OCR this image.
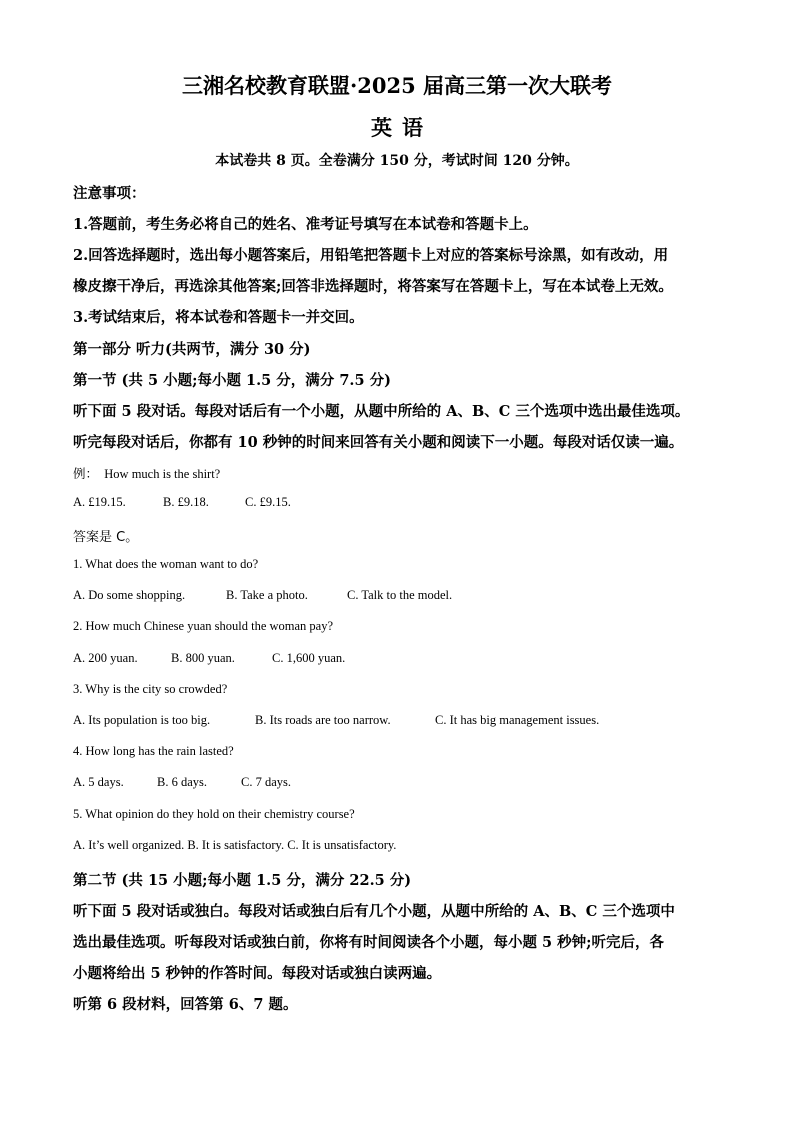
三湘名校教育联盟·2025 届高三第一次大联考

英语

本试卷共 8 页。全卷满分 150 分，考试时间 120 分钟。

注意事项：

1.答题前，考生务必将自己的姓名、准考证号填写在本试卷和答题卡上。

2.回答选择题时，选出每小题答案后，用铅笔把答题卡上对应的答案标号涂黑，如有改动，用

橡皮擦干净后，再选涂其他答案;回答非选择题时，将答案写在答题卡上，写在本试卷上无效。

3.考试结束后，将本试卷和答题卡一并交回。

第一部分 听力(共两节，满分 30 分)

第一节 (共 5 小题;每小题 1.5 分，满分 7.5 分)

听下面 5 段对话。每段对话后有一个小题，从题中所给的 A、B、C 三个选项中选出最佳选项。

听完每段对话后，你都有 10 秒钟的时间来回答有关小题和阅读下一小题。每段对话仅读一遍。

例： How much is the shirt?

A. £19.15.	B. £9.18.	C. £9.15.

答案是 C。

1. What does the woman want to do?

A. Do some shopping.	B. Take a photo.	C. Talk to the model.

2. How much Chinese yuan should the woman pay?

A. 200 yuan.	B. 800 yuan.	C. 1,600 yuan.

3. Why is the city so crowded?

A. Its population is too big.	B. Its roads are too narrow.	C. It has big management issues.

4. How long has the rain lasted?

A. 5 days.	B. 6 days.	C. 7 days.

5. What opinion do they hold on their chemistry course?

A. It’s well organized. B. It is satisfactory. C. It is unsatisfactory.

第二节 (共 15 小题;每小题 1.5 分，满分 22.5 分)

听下面 5 段对话或独白。每段对话或独白后有几个小题，从题中所给的 A、B、C 三个选项中

选出最佳选项。听每段对话或独白前，你将有时间阅读各个小题，每小题 5 秒钟;听完后，各

小题将给出 5 秒钟的作答时间。每段对话或独白读两遍。

听第 6 段材料，回答第 6、7 题。
